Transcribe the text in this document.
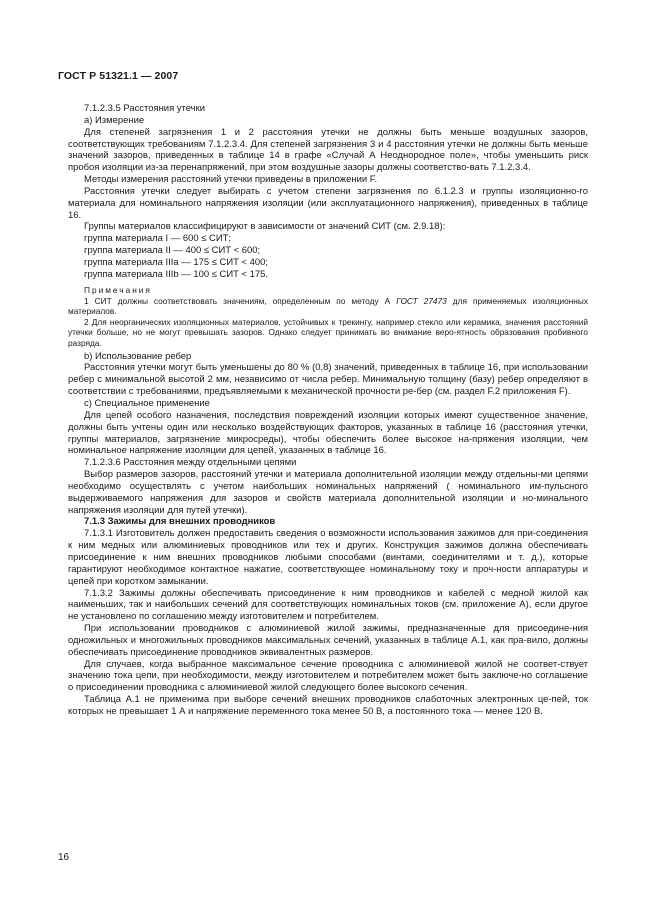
ГОСТ Р 51321.1 — 2007

7.1.2.3.5 Расстояния утечки

а) Измерение

Для степеней загрязнения 1 и 2 расстояния утечки не должны быть меньше воздушных зазоров, соответствующих требованиям 7.1.2.3.4. Для степеней загрязнения 3 и 4 расстояния утечки не должны быть меньше значений зазоров, приведенных в таблице 14 в графе «Случай А Неоднородное поле», чтобы уменьшить риск пробоя изоляции из-за перенапряжений, при этом воздушные зазоры должны соответство-вать 7.1.2.3.4.

Методы измерения расстояний утечки приведены в приложении F.

Расстояния утечки следует выбирать с учетом степени загрязнения по 6.1.2.3 и группы изоляционно-го материала для номинального напряжения изоляции (или эксплуатационного напряжения), приведенных в таблице 16.

Группы материалов классифицируют в зависимости от значений СИТ (см. 2.9.18):

группа материала I — 600 ≤ СИТ;

группа материала II — 400 ≤ СИТ < 600;

группа материала IIIa — 175 ≤ СИТ < 400;

группа материала IIIb — 100 ≤ СИТ < 175.

Примечания

1 СИТ должны соответствовать значениям, определенным по методу А ГОСТ 27473 для применяемых изоляционных материалов.

2 Для неорганических изоляционных материалов, устойчивых к трекингу, например стекло или керамика, значения расстояний утечки больше, но не могут превышать зазоров. Однако следует принимать во внимание веро-ятность образования пробивного разряда.

b) Использование ребер

Расстояния утечки могут быть уменьшены до 80 % (0,8) значений, приведенных в таблице 16, при использовании ребер с минимальной высотой 2 мм, независимо от числа ребер. Минимальную толщину (базу) ребер определяют в соответствии с требованиями, предъявляемыми к механической прочности ре-бер (см. раздел F.2 приложения F).

с) Специальное применение

Для цепей особого назначения, последствия повреждений изоляции которых имеют существенное значение, должны быть учтены один или несколько воздействующих факторов, указанных в таблице 16 (расстояния утечки, группы материалов, загрязнение микросреды), чтобы обеспечить более высокое на-пряжения изоляции, чем номинальное напряжение изоляции для цепей, указанных в таблице 16.

7.1.2.3.6 Расстояния между отдельными цепями

Выбор размеров зазоров, расстояний утечки и материала дополнительной изоляции между отдельны-ми цепями необходимо осуществлять с учетом наибольших номинальных напряжений ( номинального им-пульсного выдерживаемого напряжения для зазоров и свойств материала дополнительной изоляции и но-минального напряжения изоляции для путей утечки).

7.1.3 Зажимы для внешних проводников

7.1.3.1 Изготовитель должен предоставить сведения о возможности использования зажимов для при-соединения к ним медных или алюминиевых проводников или тех и других. Конструкция зажимов должна обеспечивать присоединение к ним внешних проводников любыми способами (винтами, соединителями и т. д.), которые гарантируют необходимое контактное нажатие, соответствующее номинальному току и проч-ности аппаратуры и цепей при коротком замыкании.

7.1.3.2 Зажимы должны обеспечивать присоединение к ним проводников и кабелей с медной жилой как наименьших, так и наибольших сечений для соответствующих номинальных токов (см. приложение А), если другое не установлено по соглашению между изготовителем и потребителем.

При использовании проводников с алюминиевой жилой зажимы, предназначенные для присоедине-ния одножильных и многожильных проводников максимальных сечений, указанных в таблице А.1, как пра-вило, должны обеспечивать присоединение проводников эквивалентных размеров.

Для случаев, когда выбранное максимальное сечение проводника с алюминиевой жилой не соответ-ствует значению тока цепи, при необходимости, между изготовителем и потребителем может быть заключе-но соглашение о присоединении проводника с алюминиевой жилой следующего более высокого сечения.

Таблица А.1 не применима при выборе сечений внешних проводников слаботочных электронных це-пей, ток которых не превышает 1 А и напряжение переменного тока менее 50 В, а постоянного тока — менее 120 В.

16
